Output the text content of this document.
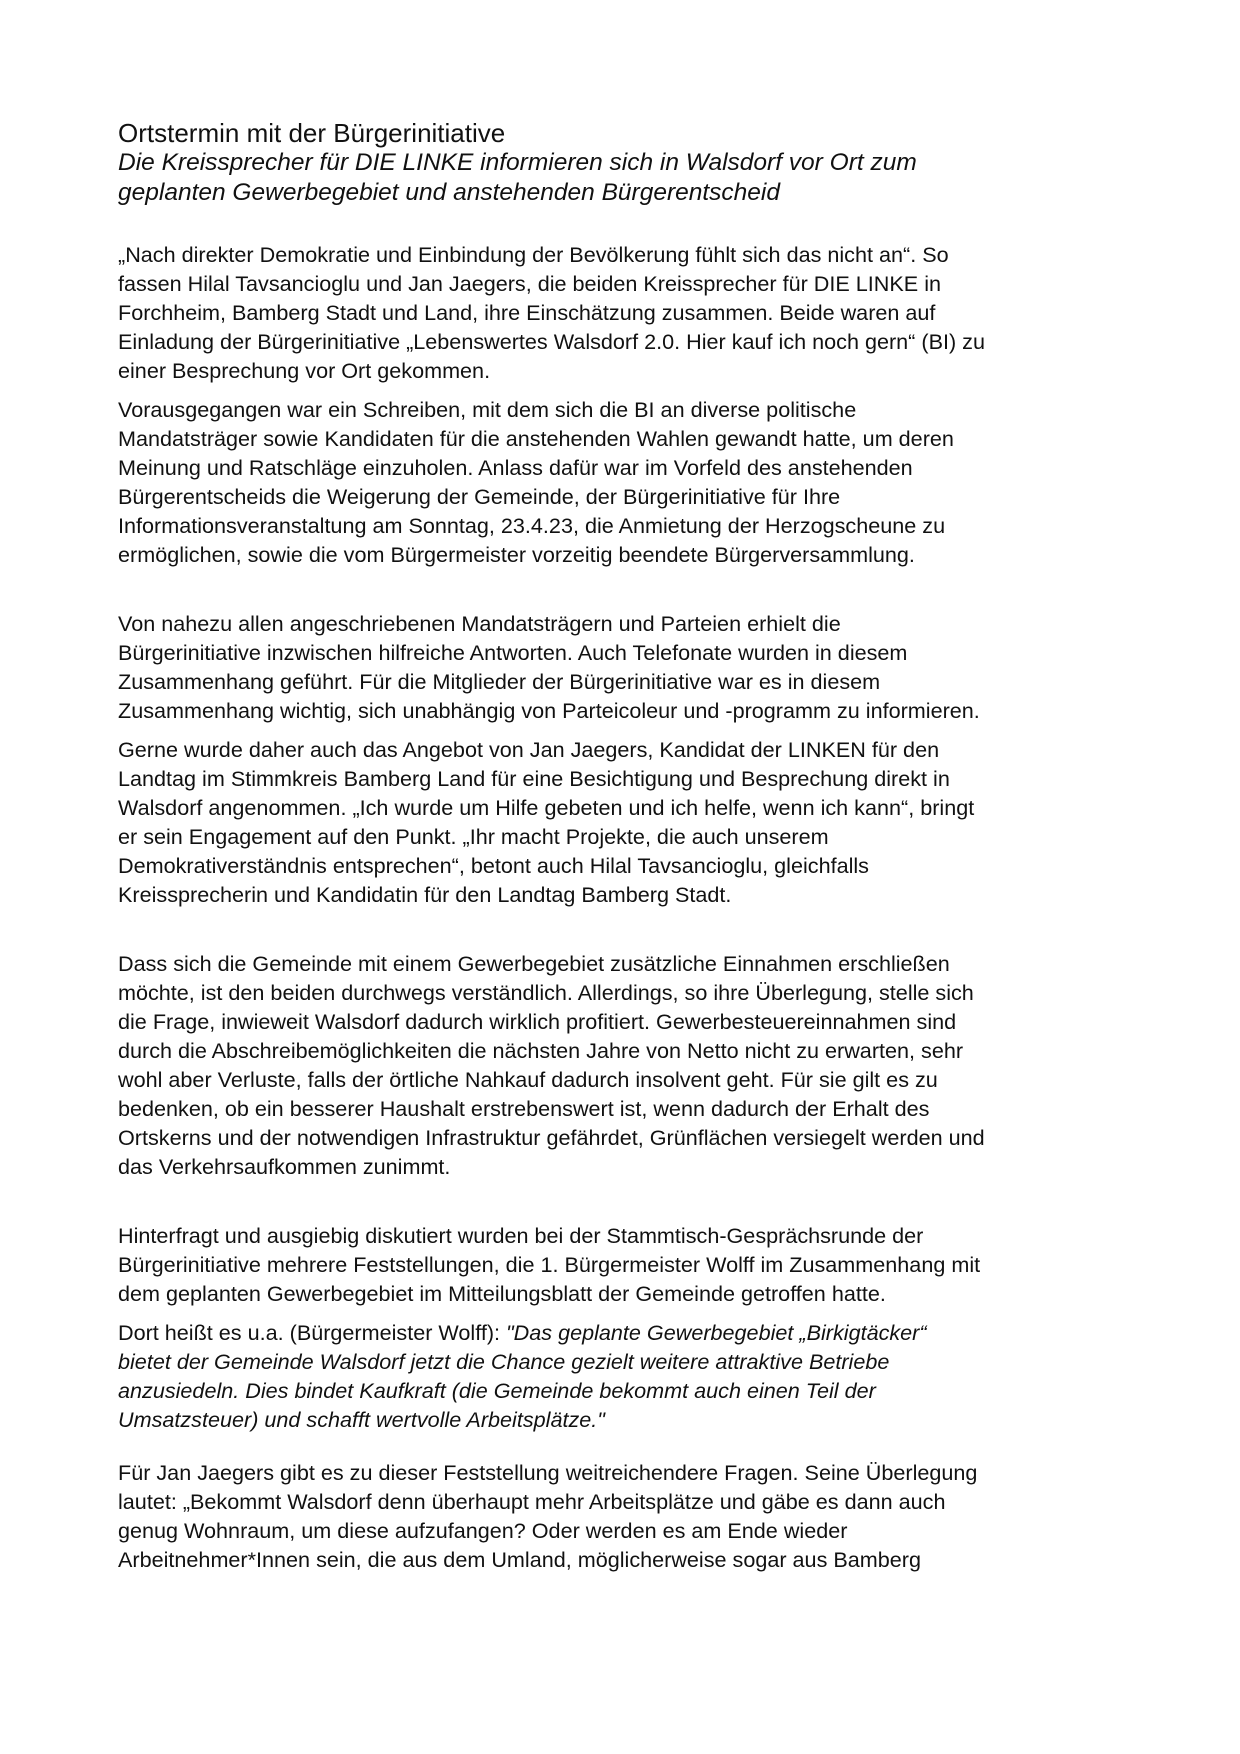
Ortstermin mit der Bürgerinitiative
Die Kreissprecher für DIE LINKE informieren sich in Walsdorf vor Ort zum
geplanten Gewerbegebiet und anstehenden Bürgerentscheid

„Nach direkter Demokratie und Einbindung der Bevölkerung fühlt sich das nicht an“. So
fassen Hilal Tavsancioglu und Jan Jaegers, die beiden Kreissprecher für DIE LINKE in
Forchheim, Bamberg Stadt und Land, ihre Einschätzung zusammen. Beide waren auf
Einladung der Bürgerinitiative „Lebenswertes Walsdorf 2.0. Hier kauf ich noch gern“ (BI) zu
einer Besprechung vor Ort gekommen.

Vorausgegangen war ein Schreiben, mit dem sich die BI an diverse politische
Mandatsträger sowie Kandidaten für die anstehenden Wahlen gewandt hatte, um deren
Meinung und Ratschläge einzuholen. Anlass dafür war im Vorfeld des anstehenden
Bürgerentscheids die Weigerung der Gemeinde, der Bürgerinitiative für Ihre
Informationsveranstaltung am Sonntag, 23.4.23, die Anmietung der Herzogscheune zu
ermöglichen, sowie die vom Bürgermeister vorzeitig beendete Bürgerversammlung.

Von nahezu allen angeschriebenen Mandatsträgern und Parteien erhielt die
Bürgerinitiative inzwischen hilfreiche Antworten. Auch Telefonate wurden in diesem
Zusammenhang geführt. Für die Mitglieder der Bürgerinitiative war es in diesem
Zusammenhang wichtig, sich unabhängig von Parteicoleur und -programm zu informieren.

Gerne wurde daher auch das Angebot von Jan Jaegers, Kandidat der LINKEN für den
Landtag im Stimmkreis Bamberg Land für eine Besichtigung und Besprechung direkt in
Walsdorf angenommen. „Ich wurde um Hilfe gebeten und ich helfe, wenn ich kann“, bringt
er sein Engagement auf den Punkt. „Ihr macht Projekte, die auch unserem
Demokrativerständnis entsprechen“, betont auch Hilal Tavsancioglu, gleichfalls
Kreissprecherin und Kandidatin für den Landtag Bamberg Stadt.

Dass sich die Gemeinde mit einem Gewerbegebiet zusätzliche Einnahmen erschließen
möchte, ist den beiden durchwegs verständlich. Allerdings, so ihre Überlegung, stelle sich
die Frage, inwieweit Walsdorf dadurch wirklich profitiert. Gewerbesteuereinnahmen sind
durch die Abschreibemöglichkeiten die nächsten Jahre von Netto nicht zu erwarten, sehr
wohl aber Verluste, falls der örtliche Nahkauf dadurch insolvent geht. Für sie gilt es zu
bedenken, ob ein besserer Haushalt erstrebenswert ist, wenn dadurch der Erhalt des
Ortskerns und der notwendigen Infrastruktur gefährdet, Grünflächen versiegelt werden und
das Verkehrsaufkommen zunimmt.

Hinterfragt und ausgiebig diskutiert wurden bei der Stammtisch-Gesprächsrunde der
Bürgerinitiative mehrere Feststellungen, die 1. Bürgermeister Wolff im Zusammenhang mit
dem geplanten Gewerbegebiet im Mitteilungsblatt der Gemeinde getroffen hatte.

Dort heißt es u.a. (Bürgermeister Wolff): "Das geplante Gewerbegebiet „Birkigtäcker“
bietet der Gemeinde Walsdorf jetzt die Chance gezielt weitere attraktive Betriebe
anzusiedeln. Dies bindet Kaufkraft (die Gemeinde bekommt auch einen Teil der
Umsatzsteuer) und schafft wertvolle Arbeitsplätze."

Für Jan Jaegers gibt es zu dieser Feststellung weitreichendere Fragen. Seine Überlegung
lautet: „Bekommt Walsdorf denn überhaupt mehr Arbeitsplätze und gäbe es dann auch
genug Wohnraum, um diese aufzufangen? Oder werden es am Ende wieder
Arbeitnehmer*Innen sein, die aus dem Umland, möglicherweise sogar aus Bamberg
